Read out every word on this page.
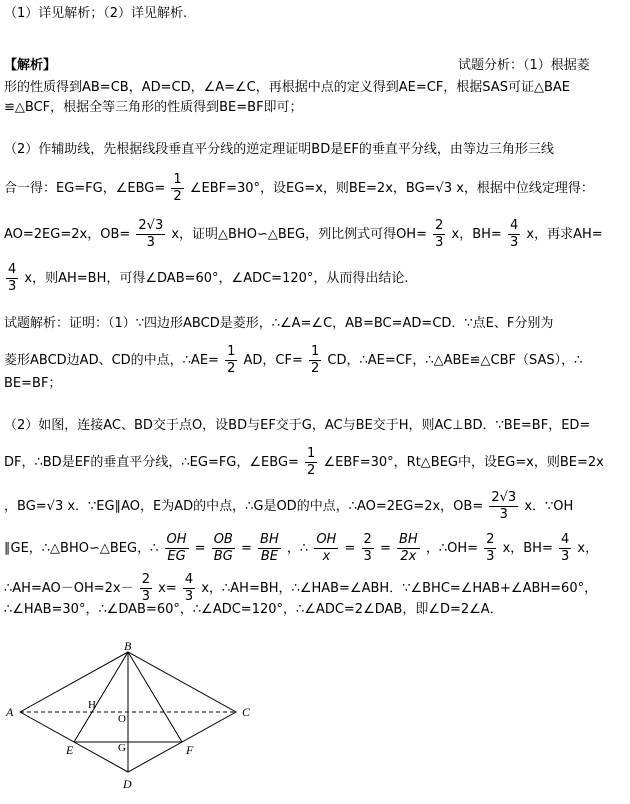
（1）详见解析；（2）详见解析.
【解析】	试题分析：（1）根据菱
形的性质得到AB=CB，AD=CD，∠A=∠C，再根据中点的定义得到AE=CF，根据SAS可证△BAE
≌△BCF，根据全等三角形的性质得到BE=BF即可；
（2）作辅助线，先根据线段垂直平分线的逆定理证明BD是EF的垂直平分线，由等边三角形三线
合一得：EG=FG，∠EBG= $\frac{1}{2}$ ∠EBF=30°，设EG=x，则BE=2x，BG=√3 x，根据中位线定理得：
AO=2EG=2x，$OB= \frac{2√3}{3}$ x，证明△BHO∽△BEG，列比例式可得$OH= \frac{2}{3}$ x，$BH= \frac{4}{3}$ x，再求AH=
$\frac{4}{3}$ x，则AH=BH，可得∠DAB=60°，∠ADC=120°，从而得出结论.
试题解析：证明：（1）∵四边形ABCD是菱形，∴∠A=∠C，AB=BC=AD=CD．∵点E、F分别为
菱形ABCD边AD、CD的中点，∴AE= $\frac{1}{2}$ AD，$CF= \frac{1}{2}$ CD，∴AE=CF，∴△ABE≌△CBF（SAS），∴
BE=BF；
（2）如图，连接AC、BD交于点O，设BD与EF交于G，AC与BE交于H，则AC⊥BD．∵BE=BF，ED=
DF，∴BD是EF的垂直平分线，∴EG=FG，∠EBG= $\frac{1}{2}$ ∠EBF=30°，Rt△BEG中，设EG=x，则BE=2x
，BG=√3 x．∵EG∥AO，E为AD的中点，∴G是OD的中点，∴AO=2EG=2x，$OB= \frac{2√3}{3}$ x．∵OH
∥GE，∴△BHO∽△BEG，∴ $\frac{OH}{EG} = \frac{OB}{BG} = \frac{BH}{BE}$ ，∴ $\frac{OH}{x} = \frac{2}{3} = \frac{BH}{2x}$ ，∴OH= $\frac{2}{3}$ x，$BH= \frac{4}{3}$ x，
∴AH=AO－OH=2x－ $\frac{2}{3} x= \frac{4}{3}$ x，∴AH=BH，∴∠HAB=∠ABH．∵∠BHC=∠HAB+∠ABH=60°，
∴∠HAB=30°，∴∠DAB=60°，∴∠ADC=120°，∴∠ADC=2∠DAB，即∠D=2∠A．
B
A	C
D
E	F
H
O
G
